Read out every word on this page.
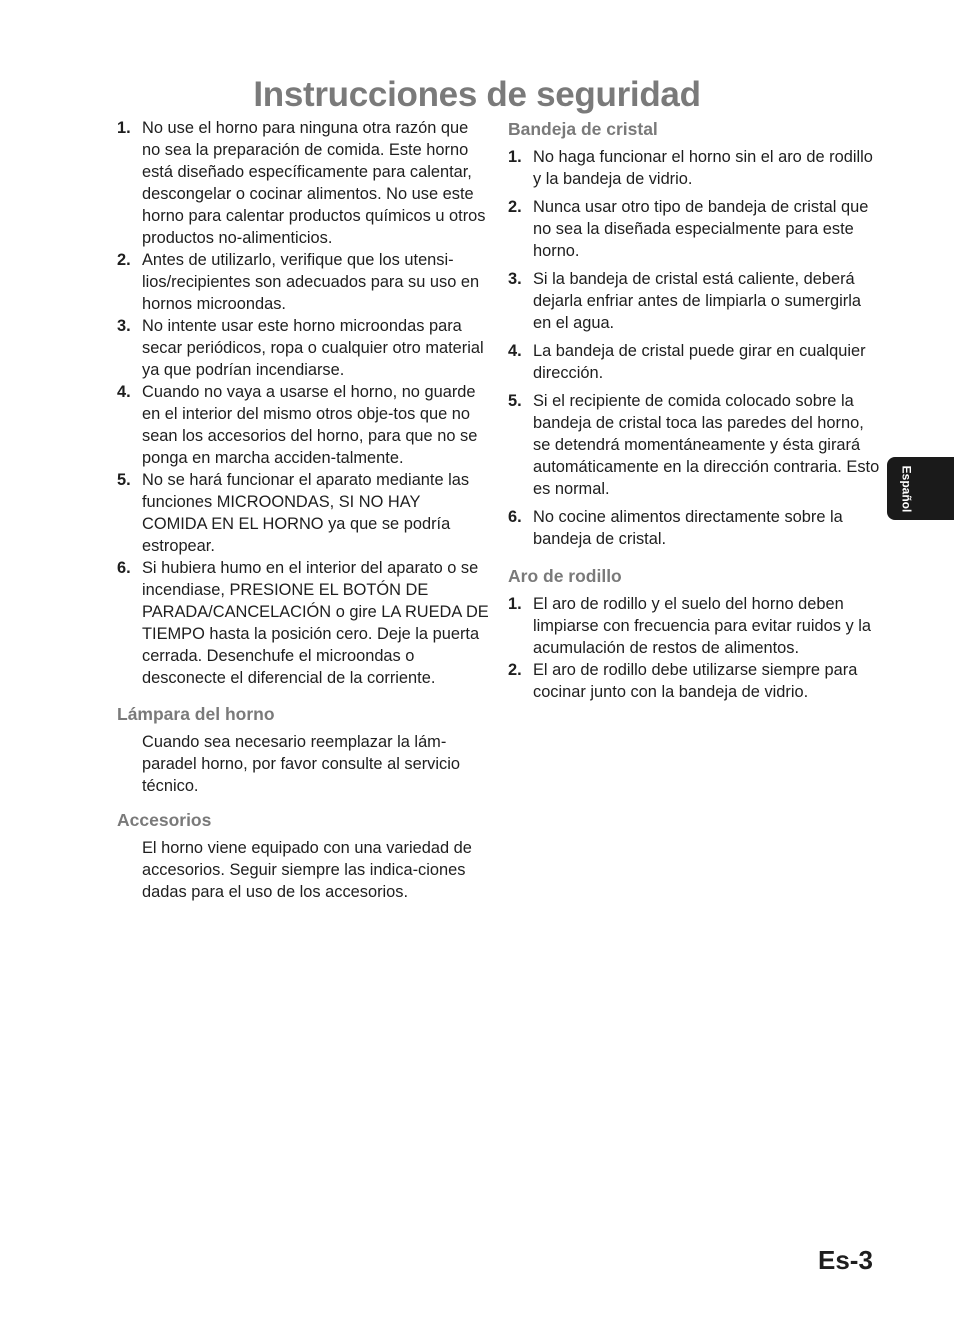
Instrucciones de seguridad
1. No use el horno para ninguna otra razón que no sea la preparación de comida. Este horno está diseñado específicamente para calentar, descongelar o cocinar alimentos. No use este horno para calentar productos químicos u otros productos no-alimenticios.
2. Antes de utilizarlo, verifique que los utensi-lios/recipientes son adecuados para su uso en hornos microondas.
3. No intente usar este horno microondas para secar periódicos, ropa o cualquier otro material ya que podrían incendiarse.
4. Cuando no vaya a usarse el horno, no guarde en el interior del mismo otros obje-tos que no sean los accesorios del horno, para que no se ponga en marcha acciden-talmente.
5. No se hará funcionar el aparato mediante las funciones MICROONDAS, SI NO HAY COMIDA EN EL HORNO ya que se podría estropear.
6. Si hubiera humo en el interior del aparato o se incendiase, PRESIONE EL BOTÓN DE PARADA/CANCELACIÓN o gire LA RUEDA DE TIEMPO hasta la posición cero. Deje la puerta cerrada. Desenchufe el microondas o desconecte el diferencial de la corriente.
Lámpara del horno
Cuando sea necesario reemplazar la lám-paradel horno, por favor consulte al servicio técnico.
Accesorios
El horno viene equipado con una variedad de accesorios. Seguir siempre las indica-ciones dadas para el uso de los accesorios.
Bandeja de cristal
1. No haga funcionar el horno sin el aro de rodillo y la bandeja de vidrio.
2. Nunca usar otro tipo de bandeja de cristal que no sea la diseñada especialmente para este horno.
3. Si la bandeja de cristal está caliente, deberá dejarla enfriar antes de limpiarla o sumergirla en el agua.
4. La bandeja de cristal puede girar en cualquier dirección.
5. Si el recipiente de comida colocado sobre la bandeja de cristal toca las paredes del horno, se detendrá momentáneamente y ésta girará automáticamente en la dirección contraria. Esto es normal.
6. No cocine alimentos directamente sobre la bandeja de cristal.
Aro de rodillo
1. El aro de rodillo y el suelo del horno deben limpiarse con frecuencia para evitar ruidos y la acumulación de restos de alimentos.
2. El aro de rodillo debe utilizarse siempre para cocinar junto con la bandeja de vidrio.
Español
Es-3
